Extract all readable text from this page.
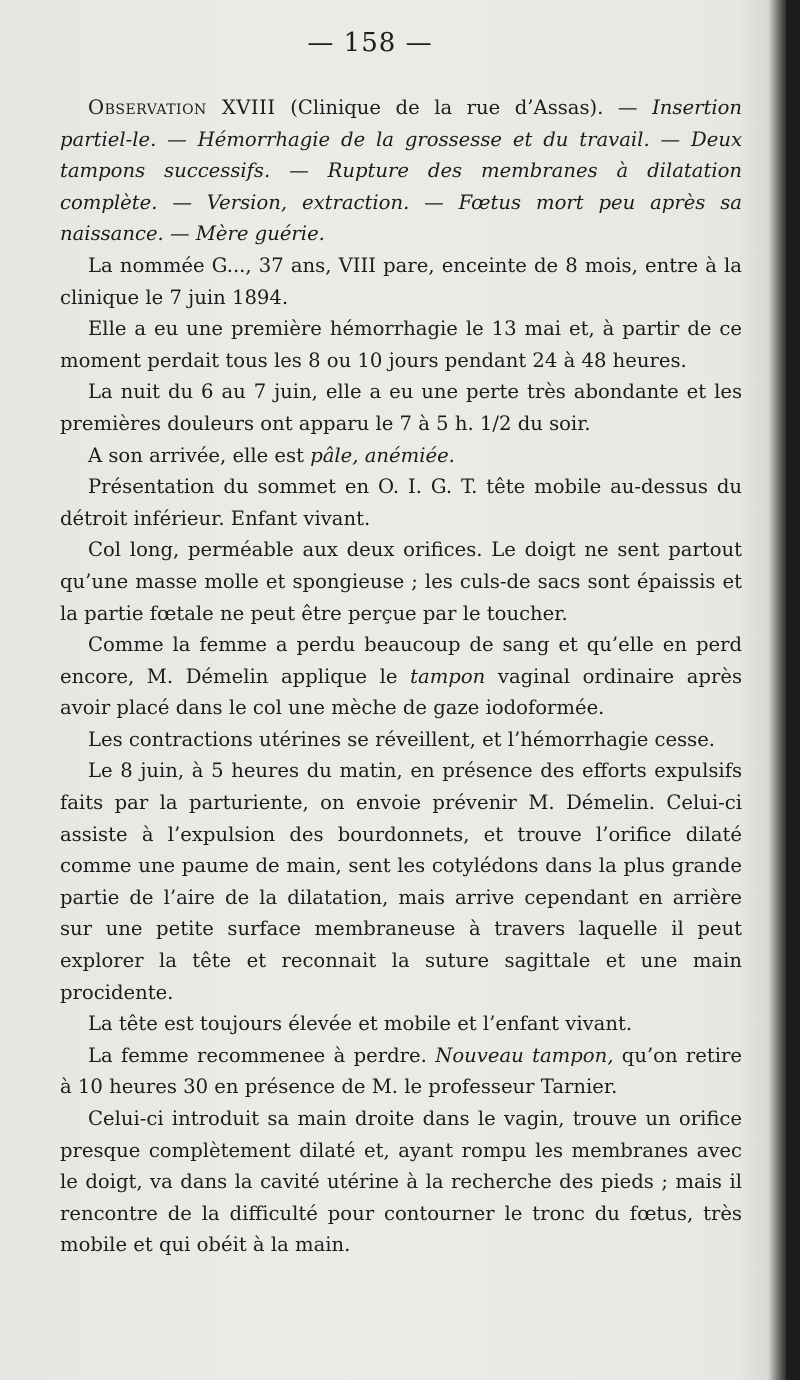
— 158 —

Observation XVIII (Clinique de la rue d’Assas). — Insertion partiel-le. — Hémorrhagie de la grossesse et du travail. — Deux tampons successifs. — Rupture des membranes à dilatation complète. — Version, extraction. — Fœtus mort peu après sa naissance. — Mère guérie.

La nommée G..., 37 ans, VIII pare, enceinte de 8 mois, entre à la clinique le 7 juin 1894.

Elle a eu une première hémorrhagie le 13 mai et, à partir de ce moment perdait tous les 8 ou 10 jours pendant 24 à 48 heures.

La nuit du 6 au 7 juin, elle a eu une perte très abondante et les premières douleurs ont apparu le 7 à 5 h. 1/2 du soir.

A son arrivée, elle est pâle, anémiée.

Présentation du sommet en O. I. G. T. tête mobile au-dessus du détroit inférieur. Enfant vivant.

Col long, perméable aux deux orifices. Le doigt ne sent partout qu’une masse molle et spongieuse ; les culs-de sacs sont épaissis et la partie fœtale ne peut être perçue par le toucher.

Comme la femme a perdu beaucoup de sang et qu’elle en perd encore, M. Démelin applique le tampon vaginal ordinaire après avoir placé dans le col une mèche de gaze iodoformée.

Les contractions utérines se réveillent, et l’hémorrhagie cesse.

Le 8 juin, à 5 heures du matin, en présence des efforts expulsifs faits par la parturiente, on envoie prévenir M. Démelin. Celui-ci assiste à l’expulsion des bourdonnets, et trouve l’orifice dilaté comme une paume de main, sent les cotylédons dans la plus grande partie de l’aire de la dilatation, mais arrive cependant en arrière sur une petite surface membraneuse à travers laquelle il peut explorer la tête et reconnait la suture sagittale et une main procidente.

La tête est toujours élevée et mobile et l’enfant vivant.

La femme recommenee à perdre. Nouveau tampon, qu’on retire à 10 heures 30 en présence de M. le professeur Tarnier.

Celui-ci introduit sa main droite dans le vagin, trouve un orifice presque complètement dilaté et, ayant rompu les membranes avec le doigt, va dans la cavité utérine à la recherche des pieds ; mais il rencontre de la difficulté pour contourner le tronc du fœtus, très mobile et qui obéit à la main.
